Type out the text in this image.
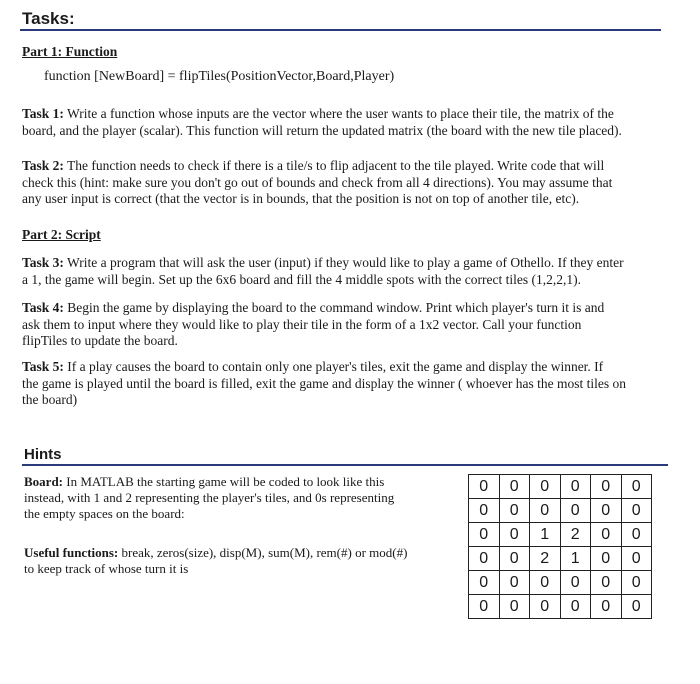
Tasks:
Part 1: Function
function [NewBoard] = flipTiles(PositionVector,Board,Player)
Task 1: Write a function whose inputs are the vector where the user wants to place their tile, the matrix of the
board, and the player (scalar). This function will return the updated matrix (the board with the new tile placed).
Task 2: The function needs to check if there is a tile/s to flip adjacent to the tile played. Write code that will
check this (hint: make sure you don't go out of bounds and check from all 4 directions). You may assume that
any user input is correct (that the vector is in bounds, that the position is not on top of another tile, etc).
Part 2: Script
Task 3: Write a program that will ask the user (input) if they would like to play a game of Othello. If they enter
a 1, the game will begin. Set up the 6x6 board and fill the 4 middle spots with the correct tiles (1,2,2,1).
Task 4: Begin the game by displaying the board to the command window. Print which player's turn it is and
ask them to input where they would like to play their tile in the form of a 1x2 vector. Call your function
flipTiles to update the board.
Task 5: If a play causes the board to contain only one player's tiles, exit the game and display the winner. If
the game is played until the board is filled, exit the game and display the winner ( whoever has the most tiles on
the board)
Hints
Board: In MATLAB the starting game will be coded to look like this
instead, with 1 and 2 representing the player's tiles, and 0s representing
the empty spaces on the board:
Useful functions: break, zeros(size), disp(M), sum(M), rem(#) or mod(#)
to keep track of whose turn it is
0	0	0	0	0	0
0	0	0	0	0	0
0	0	1	2	0	0
0	0	2	1	0	0
0	0	0	0	0	0
0	0	0	0	0	0
